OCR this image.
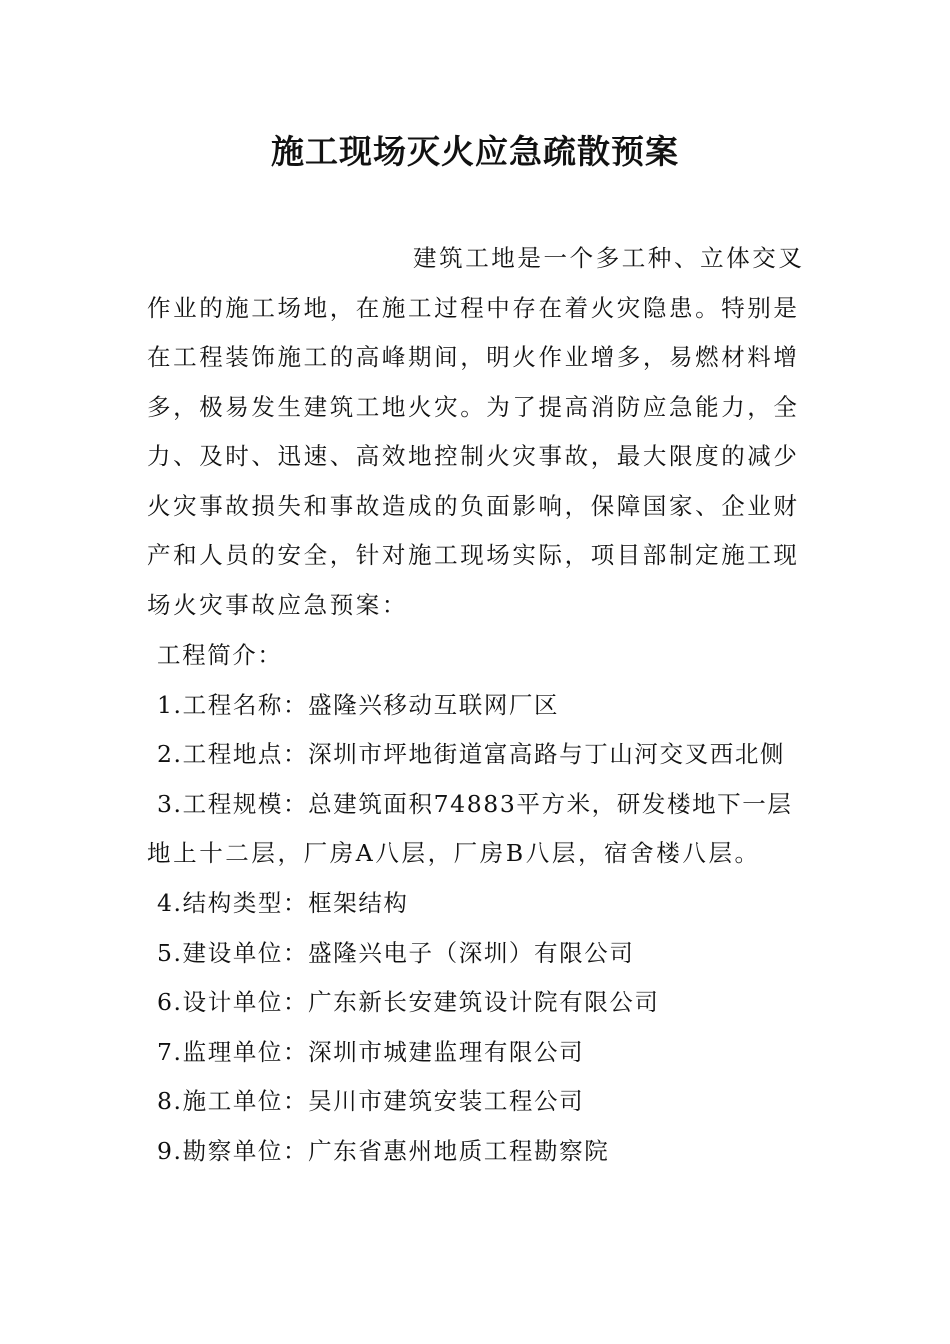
施工现场灭火应急疏散预案
建筑工地是一个多工种、立体交叉
作业的施工场地，在施工过程中存在着火灾隐患。特别是
在工程装饰施工的高峰期间，明火作业增多，易燃材料增
多，极易发生建筑工地火灾。为了提高消防应急能力，全
力、及时、迅速、高效地控制火灾事故，最大限度的减少
火灾事故损失和事故造成的负面影响，保障国家、企业财
产和人员的安全，针对施工现场实际，项目部制定施工现
场火灾事故应急预案：
工程简介：
1.工程名称：盛隆兴移动互联网厂区
2.工程地点：深圳市坪地街道富高路与丁山河交叉西北侧
3.工程规模：总建筑面积74883平方米，研发楼地下一层
地上十二层，厂房A八层，厂房B八层，宿舍楼八层。
4.结构类型：框架结构
5.建设单位：盛隆兴电子（深圳）有限公司
6.设计单位：广东新长安建筑设计院有限公司
7.监理单位：深圳市城建监理有限公司
8.施工单位：吴川市建筑安装工程公司
9.勘察单位：广东省惠州地质工程勘察院
